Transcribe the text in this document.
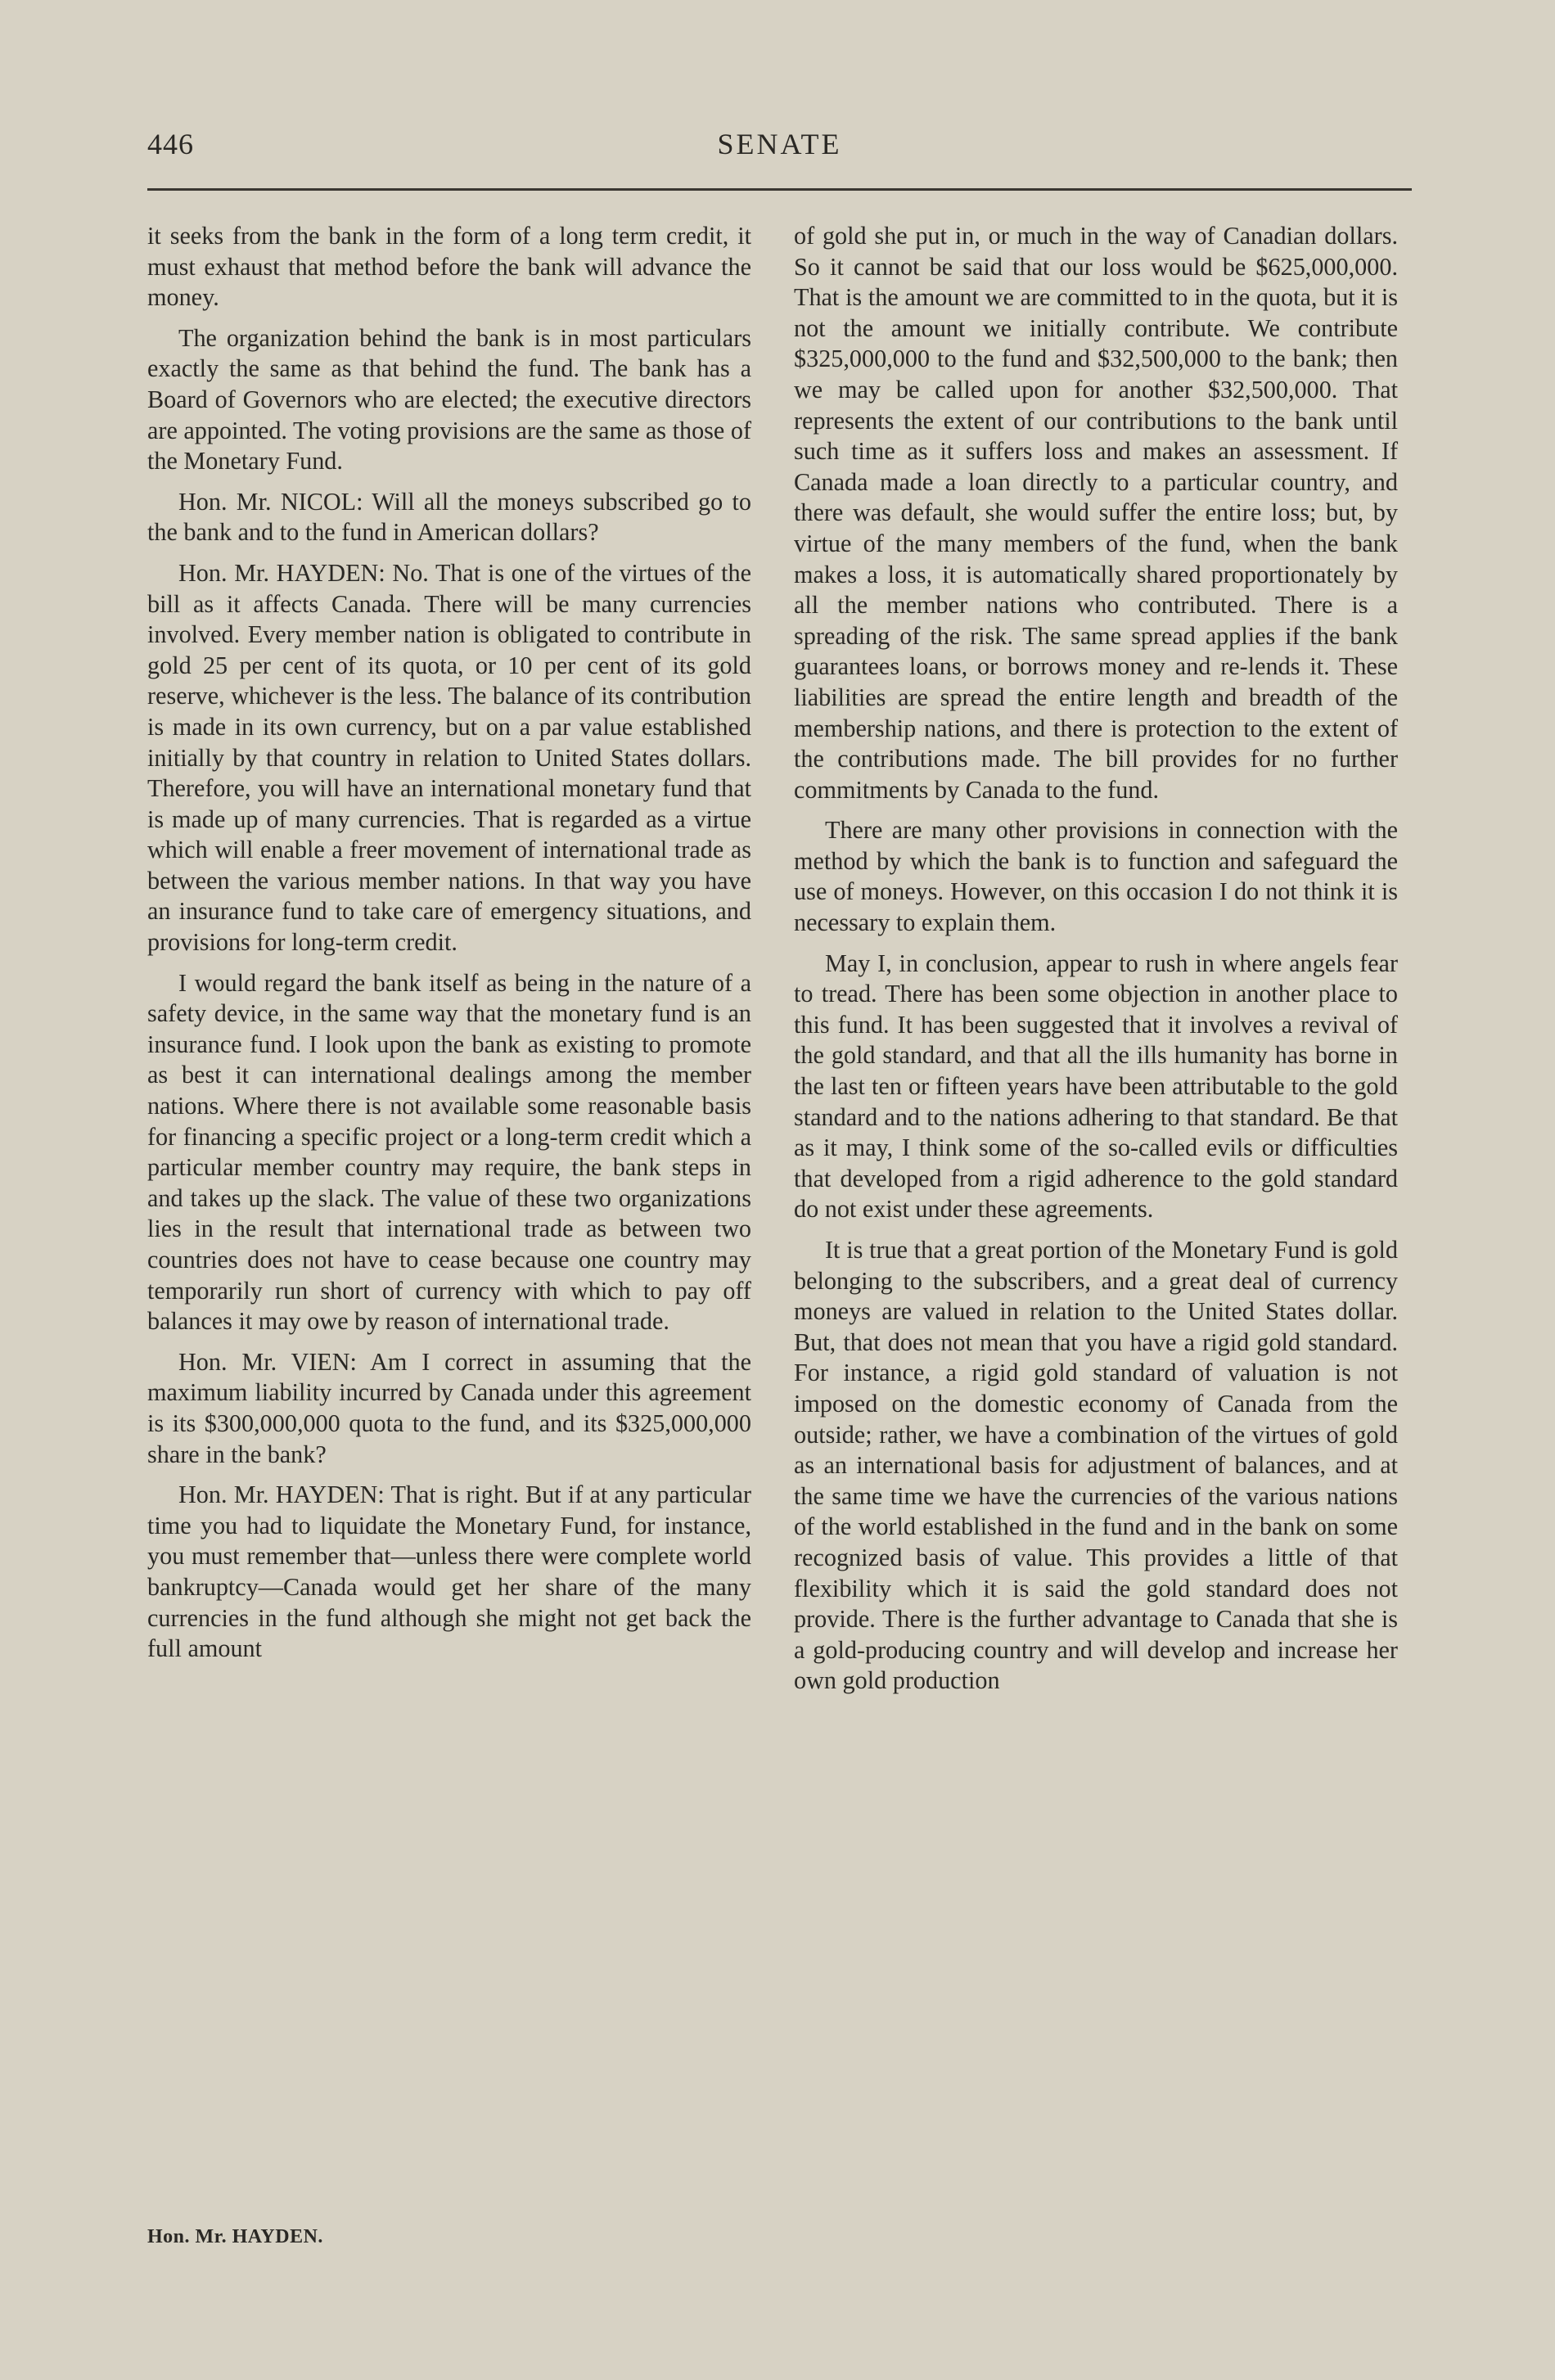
446	SENATE

it seeks from the bank in the form of a long term credit, it must exhaust that method before the bank will advance the money.

The organization behind the bank is in most particulars exactly the same as that behind the fund. The bank has a Board of Governors who are elected; the executive directors are appointed. The voting provisions are the same as those of the Monetary Fund.

Hon. Mr. NICOL: Will all the moneys subscribed go to the bank and to the fund in American dollars?

Hon. Mr. HAYDEN: No. That is one of the virtues of the bill as it affects Canada. There will be many currencies involved. Every member nation is obligated to contribute in gold 25 per cent of its quota, or 10 per cent of its gold reserve, whichever is the less. The balance of its contribution is made in its own currency, but on a par value established initially by that country in relation to United States dollars. Therefore, you will have an international monetary fund that is made up of many currencies. That is regarded as a virtue which will enable a freer movement of international trade as between the various member nations. In that way you have an insurance fund to take care of emergency situations, and provisions for long-term credit.

I would regard the bank itself as being in the nature of a safety device, in the same way that the monetary fund is an insurance fund. I look upon the bank as existing to promote as best it can international dealings among the member nations. Where there is not available some reasonable basis for financing a specific project or a long-term credit which a particular member country may require, the bank steps in and takes up the slack. The value of these two organizations lies in the result that international trade as between two countries does not have to cease because one country may temporarily run short of currency with which to pay off balances it may owe by reason of international trade.

Hon. Mr. VIEN: Am I correct in assuming that the maximum liability incurred by Canada under this agreement is its $300,000,000 quota to the fund, and its $325,000,000 share in the bank?

Hon. Mr. HAYDEN: That is right. But if at any particular time you had to liquidate the Monetary Fund, for instance, you must remember that—unless there were complete world bankruptcy—Canada would get her share of the many currencies in the fund although she might not get back the full amount

of gold she put in, or much in the way of Canadian dollars. So it cannot be said that our loss would be $625,000,000. That is the amount we are committed to in the quota, but it is not the amount we initially contribute. We contribute $325,000,000 to the fund and $32,500,000 to the bank; then we may be called upon for another $32,500,000. That represents the extent of our contributions to the bank until such time as it suffers loss and makes an assessment. If Canada made a loan directly to a particular country, and there was default, she would suffer the entire loss; but, by virtue of the many members of the fund, when the bank makes a loss, it is automatically shared proportionately by all the member nations who contributed. There is a spreading of the risk. The same spread applies if the bank guarantees loans, or borrows money and re-lends it. These liabilities are spread the entire length and breadth of the membership nations, and there is protection to the extent of the contributions made. The bill provides for no further commitments by Canada to the fund.

There are many other provisions in connection with the method by which the bank is to function and safeguard the use of moneys. However, on this occasion I do not think it is necessary to explain them.

May I, in conclusion, appear to rush in where angels fear to tread. There has been some objection in another place to this fund. It has been suggested that it involves a revival of the gold standard, and that all the ills humanity has borne in the last ten or fifteen years have been attributable to the gold standard and to the nations adhering to that standard. Be that as it may, I think some of the so-called evils or difficulties that developed from a rigid adherence to the gold standard do not exist under these agreements.

It is true that a great portion of the Monetary Fund is gold belonging to the subscribers, and a great deal of currency moneys are valued in relation to the United States dollar. But, that does not mean that you have a rigid gold standard. For instance, a rigid gold standard of valuation is not imposed on the domestic economy of Canada from the outside; rather, we have a combination of the virtues of gold as an international basis for adjustment of balances, and at the same time we have the currencies of the various nations of the world established in the fund and in the bank on some recognized basis of value. This provides a little of that flexibility which it is said the gold standard does not provide. There is the further advantage to Canada that she is a gold-producing country and will develop and increase her own gold production

Hon. Mr. HAYDEN.
